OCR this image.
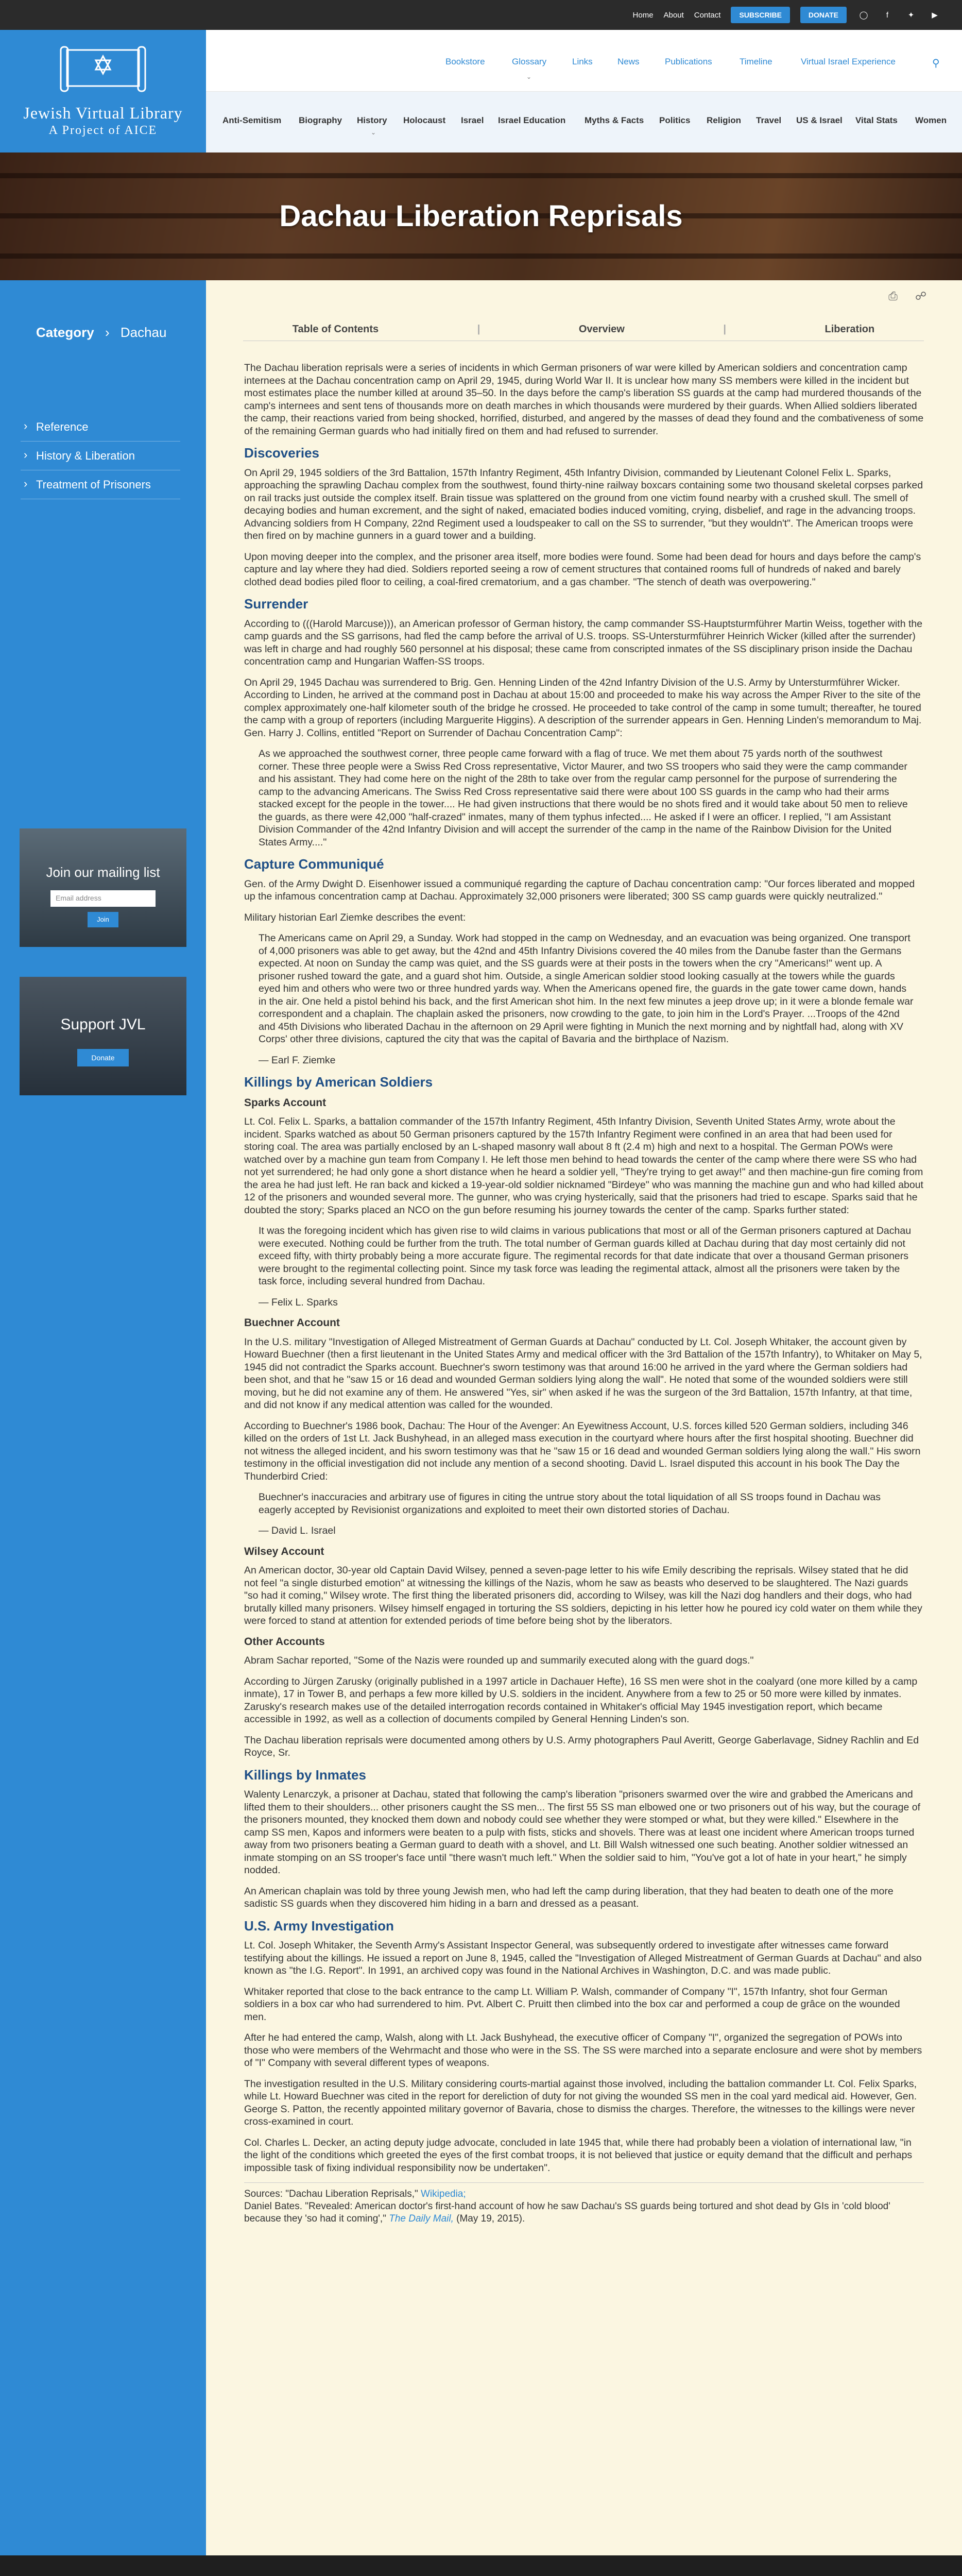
Home About Contact	SUBSCRIBE	DONATE	◯	f	✦	▶
Jewish Virtual Library
A Project of AICE
Bookstore	Glossary	Links	News	Publications	Timeline	Virtual Israel Experience	⚲
⌄
Anti-Semitism Biography History
⌄
Holocaust Israel Israel Education Myths & Facts Politics Religion Travel US & Israel Vital Stats Women
Dachau Liberation Reprisals
Category › Dachau
› Reference
› History & Liberation
› Treatment of Prisoners
Join our mailing list
Email address
Join
Support JVL
Donate
⎙ ☍
Table of Contents	|	Overview	|	Liberation

The Dachau liberation reprisals were a series of incidents in which German prisoners of war were killed by American soldiers and concentration camp internees at the Dachau concentration camp on April 29, 1945, during World War II. It is unclear how many SS members were killed in the incident but most estimates place the number killed at around 35–50. In the days before the camp's liberation SS guards at the camp had murdered thousands of the camp's internees and sent tens of thousands more on death marches in which thousands were murdered by their guards. When Allied soldiers liberated the camp, their reactions varied from being shocked, horrified, disturbed, and angered by the masses of dead they found and the combativeness of some of the remaining German guards who had initially fired on them and had refused to surrender.

Discoveries

On April 29, 1945 soldiers of the 3rd Battalion, 157th Infantry Regiment, 45th Infantry Division, commanded by Lieutenant Colonel Felix L. Sparks, approaching the sprawling Dachau complex from the southwest, found thirty-nine railway boxcars containing some two thousand skeletal corpses parked on rail tracks just outside the complex itself. Brain tissue was splattered on the ground from one victim found nearby with a crushed skull. The smell of decaying bodies and human excrement, and the sight of naked, emaciated bodies induced vomiting, crying, disbelief, and rage in the advancing troops. Advancing soldiers from H Company, 22nd Regiment used a loudspeaker to call on the SS to surrender, "but they wouldn't". The American troops were then fired on by machine gunners in a guard tower and a building.

Upon moving deeper into the complex, and the prisoner area itself, more bodies were found. Some had been dead for hours and days before the camp's capture and lay where they had died. Soldiers reported seeing a row of cement structures that contained rooms full of hundreds of naked and barely clothed dead bodies piled floor to ceiling, a coal-fired crematorium, and a gas chamber. "The stench of death was overpowering."

Surrender

According to (((Harold Marcuse))), an American professor of German history, the camp commander SS-Hauptsturmführer Martin Weiss, together with the camp guards and the SS garrisons, had fled the camp before the arrival of U.S. troops. SS-Untersturmführer Heinrich Wicker (killed after the surrender) was left in charge and had roughly 560 personnel at his disposal; these came from conscripted inmates of the SS disciplinary prison inside the Dachau concentration camp and Hungarian Waffen-SS troops.

On April 29, 1945 Dachau was surrendered to Brig. Gen. Henning Linden of the 42nd Infantry Division of the U.S. Army by Untersturmführer Wicker. According to Linden, he arrived at the command post in Dachau at about 15:00 and proceeded to make his way across the Amper River to the site of the complex approximately one-half kilometer south of the bridge he crossed. He proceeded to take control of the camp in some tumult; thereafter, he toured the camp with a group of reporters (including Marguerite Higgins). A description of the surrender appears in Gen. Henning Linden's memorandum to Maj. Gen. Harry J. Collins, entitled "Report on Surrender of Dachau Concentration Camp":

As we approached the southwest corner, three people came forward with a flag of truce. We met them about 75 yards north of the southwest corner. These three people were a Swiss Red Cross representative, Victor Maurer, and two SS troopers who said they were the camp commander and his assistant. They had come here on the night of the 28th to take over from the regular camp personnel for the purpose of surrendering the camp to the advancing Americans. The Swiss Red Cross representative said there were about 100 SS guards in the camp who had their arms stacked except for the people in the tower.... He had given instructions that there would be no shots fired and it would take about 50 men to relieve the guards, as there were 42,000 "half-crazed" inmates, many of them typhus infected.... He asked if I were an officer. I replied, "I am Assistant Division Commander of the 42nd Infantry Division and will accept the surrender of the camp in the name of the Rainbow Division for the United States Army...."

Capture Communiqué

Gen. of the Army Dwight D. Eisenhower issued a communiqué regarding the capture of Dachau concentration camp: "Our forces liberated and mopped up the infamous concentration camp at Dachau. Approximately 32,000 prisoners were liberated; 300 SS camp guards were quickly neutralized."

Military historian Earl Ziemke describes the event:

The Americans came on April 29, a Sunday. Work had stopped in the camp on Wednesday, and an evacuation was being organized. One transport of 4,000 prisoners was able to get away, but the 42nd and 45th Infantry Divisions covered the 40 miles from the Danube faster than the Germans expected. At noon on Sunday the camp was quiet, and the SS guards were at their posts in the towers when the cry "Americans!" went up. A prisoner rushed toward the gate, and a guard shot him. Outside, a single American soldier stood looking casually at the towers while the guards eyed him and others who were two or three hundred yards way. When the Americans opened fire, the guards in the gate tower came down, hands in the air. One held a pistol behind his back, and the first American shot him. In the next few minutes a jeep drove up; in it were a blonde female war correspondent and a chaplain. The chaplain asked the prisoners, now crowding to the gate, to join him in the Lord's Prayer. ...Troops of the 42nd and 45th Divisions who liberated Dachau in the afternoon on 29 April were fighting in Munich the next morning and by nightfall had, along with XV Corps' other three divisions, captured the city that was the capital of Bavaria and the birthplace of Nazism.

— Earl F. Ziemke

Killings by American Soldiers
Sparks Account

Lt. Col. Felix L. Sparks, a battalion commander of the 157th Infantry Regiment, 45th Infantry Division, Seventh United States Army, wrote about the incident. Sparks watched as about 50 German prisoners captured by the 157th Infantry Regiment were confined in an area that had been used for storing coal. The area was partially enclosed by an L-shaped masonry wall about 8 ft (2.4 m) high and next to a hospital. The German POWs were watched over by a machine gun team from Company I. He left those men behind to head towards the center of the camp where there were SS who had not yet surrendered; he had only gone a short distance when he heard a soldier yell, "They're trying to get away!" and then machine-gun fire coming from the area he had just left. He ran back and kicked a 19-year-old soldier nicknamed "Birdeye" who was manning the machine gun and who had killed about 12 of the prisoners and wounded several more. The gunner, who was crying hysterically, said that the prisoners had tried to escape. Sparks said that he doubted the story; Sparks placed an NCO on the gun before resuming his journey towards the center of the camp. Sparks further stated:

It was the foregoing incident which has given rise to wild claims in various publications that most or all of the German prisoners captured at Dachau were executed. Nothing could be further from the truth. The total number of German guards killed at Dachau during that day most certainly did not exceed fifty, with thirty probably being a more accurate figure. The regimental records for that date indicate that over a thousand German prisoners were brought to the regimental collecting point. Since my task force was leading the regimental attack, almost all the prisoners were taken by the task force, including several hundred from Dachau.

— Felix L. Sparks

Buechner Account

In the U.S. military "Investigation of Alleged Mistreatment of German Guards at Dachau" conducted by Lt. Col. Joseph Whitaker, the account given by Howard Buechner (then a first lieutenant in the United States Army and medical officer with the 3rd Battalion of the 157th Infantry), to Whitaker on May 5, 1945 did not contradict the Sparks account. Buechner's sworn testimony was that around 16:00 he arrived in the yard where the German soldiers had been shot, and that he "saw 15 or 16 dead and wounded German soldiers lying along the wall". He noted that some of the wounded soldiers were still moving, but he did not examine any of them. He answered "Yes, sir" when asked if he was the surgeon of the 3rd Battalion, 157th Infantry, at that time, and did not know if any medical attention was called for the wounded.

According to Buechner's 1986 book, Dachau: The Hour of the Avenger: An Eyewitness Account, U.S. forces killed 520 German soldiers, including 346 killed on the orders of 1st Lt. Jack Bushyhead, in an alleged mass execution in the courtyard where hours after the first hospital shooting. Buechner did not witness the alleged incident, and his sworn testimony was that he "saw 15 or 16 dead and wounded German soldiers lying along the wall." His sworn testimony in the official investigation did not include any mention of a second shooting. David L. Israel disputed this account in his book The Day the Thunderbird Cried:

Buechner's inaccuracies and arbitrary use of figures in citing the untrue story about the total liquidation of all SS troops found in Dachau was eagerly accepted by Revisionist organizations and exploited to meet their own distorted stories of Dachau.

— David L. Israel

Wilsey Account

An American doctor, 30-year old Captain David Wilsey, penned a seven-page letter to his wife Emily describing the reprisals. Wilsey stated that he did not feel "a single disturbed emotion" at witnessing the killings of the Nazis, whom he saw as beasts who deserved to be slaughtered. The Nazi guards "so had it coming," Wilsey wrote. The first thing the liberated prisoners did, according to Wilsey, was kill the Nazi dog handlers and their dogs, who had brutally killed many prisoners. Wilsey himself engaged in torturing the SS soldiers, depicting in his letter how he poured icy cold water on them while they were forced to stand at attention for extended periods of time before being shot by the liberators.

Other Accounts

Abram Sachar reported, "Some of the Nazis were rounded up and summarily executed along with the guard dogs."

According to Jürgen Zarusky (originally published in a 1997 article in Dachauer Hefte), 16 SS men were shot in the coalyard (one more killed by a camp inmate), 17 in Tower B, and perhaps a few more killed by U.S. soldiers in the incident. Anywhere from a few to 25 or 50 more were killed by inmates. Zarusky's research makes use of the detailed interrogation records contained in Whitaker's official May 1945 investigation report, which became accessible in 1992, as well as a collection of documents compiled by General Henning Linden's son.

The Dachau liberation reprisals were documented among others by U.S. Army photographers Paul Averitt, George Gaberlavage, Sidney Rachlin and Ed Royce, Sr.

Killings by Inmates

Walenty Lenarczyk, a prisoner at Dachau, stated that following the camp's liberation "prisoners swarmed over the wire and grabbed the Americans and lifted them to their shoulders... other prisoners caught the SS men... The first 55 SS man elbowed one or two prisoners out of his way, but the courage of the prisoners mounted, they knocked them down and nobody could see whether they were stomped or what, but they were killed." Elsewhere in the camp SS men, Kapos and informers were beaten to a pulp with fists, sticks and shovels. There was at least one incident where American troops turned away from two prisoners beating a German guard to death with a shovel, and Lt. Bill Walsh witnessed one such beating. Another soldier witnessed an inmate stomping on an SS trooper's face until "there wasn't much left." When the soldier said to him, "You've got a lot of hate in your heart," he simply nodded.

An American chaplain was told by three young Jewish men, who had left the camp during liberation, that they had beaten to death one of the more sadistic SS guards when they discovered him hiding in a barn and dressed as a peasant.

U.S. Army Investigation

Lt. Col. Joseph Whitaker, the Seventh Army's Assistant Inspector General, was subsequently ordered to investigate after witnesses came forward testifying about the killings. He issued a report on June 8, 1945, called the "Investigation of Alleged Mistreatment of German Guards at Dachau" and also known as "the I.G. Report". In 1991, an archived copy was found in the National Archives in Washington, D.C. and was made public.

Whitaker reported that close to the back entrance to the camp Lt. William P. Walsh, commander of Company "I", 157th Infantry, shot four German soldiers in a box car who had surrendered to him. Pvt. Albert C. Pruitt then climbed into the box car and performed a coup de grâce on the wounded men.

After he had entered the camp, Walsh, along with Lt. Jack Bushyhead, the executive officer of Company "I", organized the segregation of POWs into those who were members of the Wehrmacht and those who were in the SS. The SS were marched into a separate enclosure and were shot by members of "I" Company with several different types of weapons.

The investigation resulted in the U.S. Military considering courts-martial against those involved, including the battalion commander Lt. Col. Felix Sparks, while Lt. Howard Buechner was cited in the report for dereliction of duty for not giving the wounded SS men in the coal yard medical aid. However, Gen. George S. Patton, the recently appointed military governor of Bavaria, chose to dismiss the charges. Therefore, the witnesses to the killings were never cross-examined in court.

Col. Charles L. Decker, an acting deputy judge advocate, concluded in late 1945 that, while there had probably been a violation of international law, "in the light of the conditions which greeted the eyes of the first combat troops, it is not believed that justice or equity demand that the difficult and perhaps impossible task of fixing individual responsibility now be undertaken".

Sources: "Dachau Liberation Reprisals," Wikipedia;
Daniel Bates. "Revealed: American doctor's first-hand account of how he saw Dachau's SS guards being tortured and shot dead by GIs in 'cold blood' because they 'so had it coming'," The Daily Mail, (May 19, 2015).
